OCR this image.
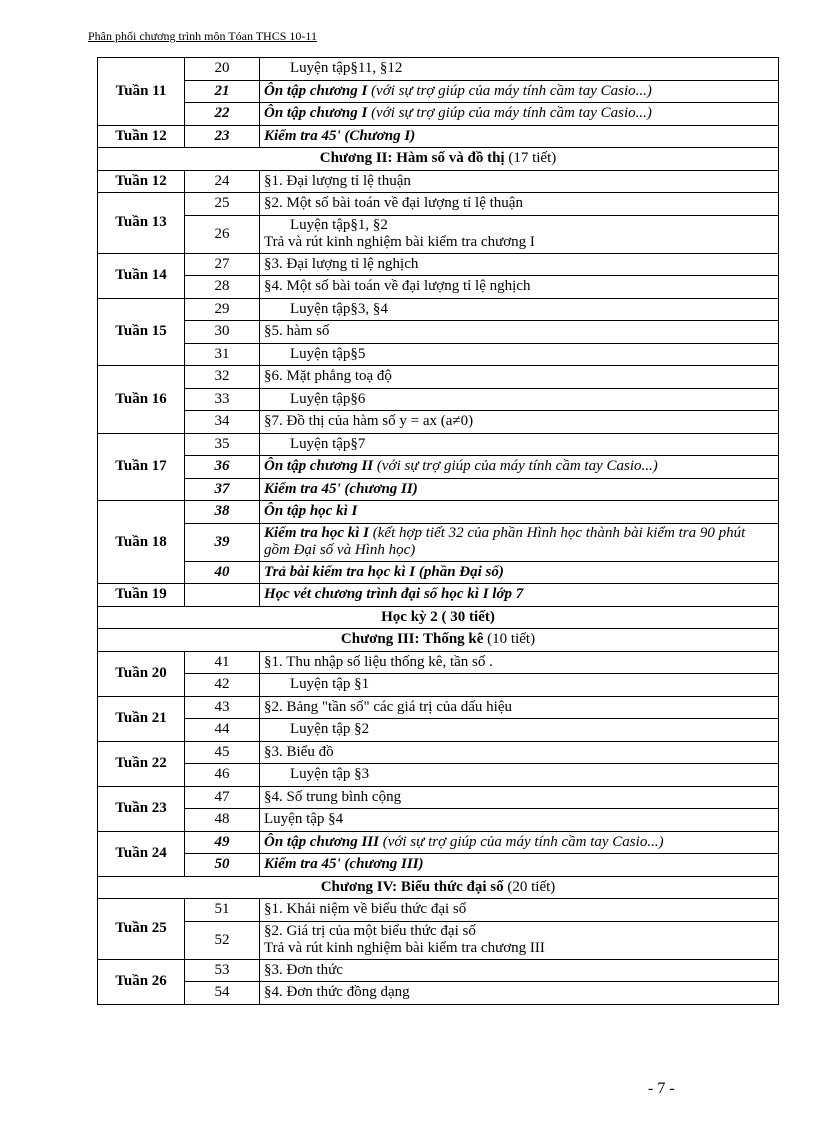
Phân phối chương trình môn Tóan THCS 10-11
Tuần 11	20	Luyện tập§11, §12
	21	Ôn tập chương I (với sự trợ giúp của máy tính cầm tay Casio...)
	22	Ôn tập chương I (với sự trợ giúp của máy tính cầm tay Casio...)
Tuần 12	23	Kiểm tra 45' (Chương I)
Chương II: Hàm số và đồ thị (17 tiết)		
Tuần 12	24	§1. Đại lượng tỉ lệ thuận
Tuần 13	25	§2. Một số bài toán về đại lượng tỉ lệ thuận
	26	Luyện tập§1, §2
Trả và rút kinh nghiệm bài kiểm tra chương I
Tuần 14	27	§3. Đại lượng tỉ lệ nghịch
	28	§4. Một số bài toán về đại lượng tỉ lệ nghịch
Tuần 15	29	Luyện tập§3, §4
	30	§5. hàm số
	31	Luyện tập§5
Tuần 16	32	§6. Mặt phẳng toạ độ
	33	Luyện tập§6
	34	§7. Đồ thị của hàm số y = ax (a≠0)
Tuần 17	35	Luyện tập§7
	36	Ôn tập chương II (với sự trợ giúp của máy tính cầm tay Casio...)
	37	Kiểm tra 45' (chương II)
Tuần 18	38	Ôn tập học kì I
	39	Kiểm tra học kì I (kết hợp tiết 32 của phần Hình học thành bài kiểm tra 90 phút gồm Đại số và Hình học)
	40	Trả bài kiểm tra học kì I (phần Đại số)
Tuần 19		Học vét chương trình đại số học kì I lớp 7
Học kỳ 2 ( 30 tiết)		
Chương III: Thống kê (10 tiết)		
Tuần 20	41	§1. Thu nhập số liệu thống kê, tần số .
	42	Luyện tập §1
Tuần 21	43	§2. Bảng "tần số" các giá trị của dấu hiệu
	44	Luyện tập §2
Tuần 22	45	§3. Biểu đồ
	46	Luyện tập §3
Tuần 23	47	§4. Số trung bình cộng
	48	Luyện tập §4
Tuần 24	49	Ôn tập chương III (với sự trợ giúp của máy tính cầm tay Casio...)
	50	Kiểm tra 45' (chương III)
Chương IV: Biểu thức đại số (20 tiết)		
Tuần 25	51	§1. Khái niệm về biểu thức đại số
	52	§2. Giá trị của một biểu thức đại số
Trả và rút kinh nghiệm bài kiểm tra chương III
Tuần 26	53	§3. Đơn thức
	54	§4. Đơn thức đồng dạng
- 7 -
